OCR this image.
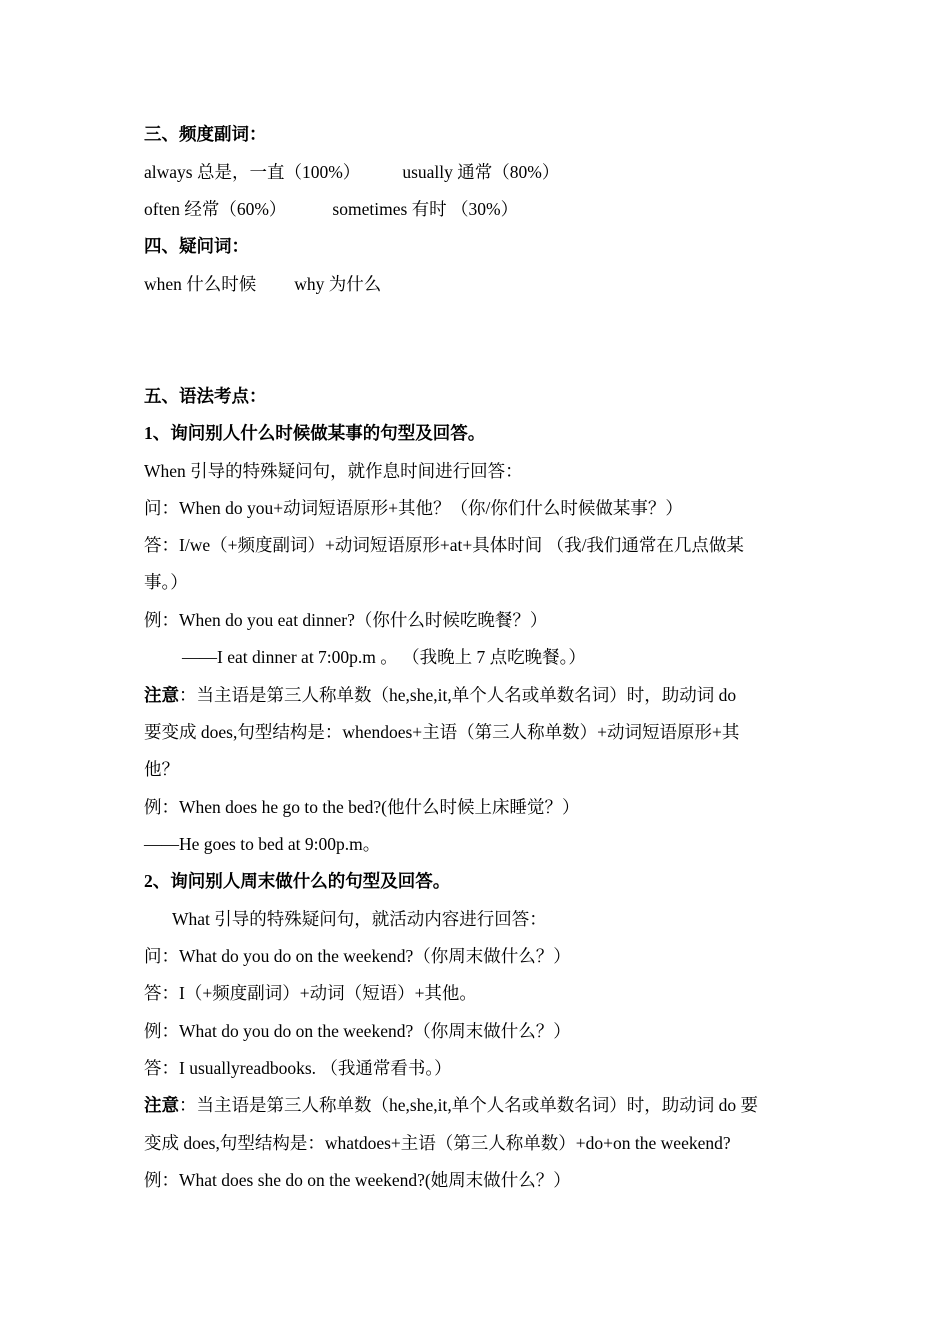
三、频度副词：
always 总是，一直（100%） usually 通常（80%）
often 经常（60%）	sometimes 有时 （30%）
四、疑问词：
when 什么时候 why 为什么
五、语法考点：
1、询问别人什么时候做某事的句型及回答。
When 引导的特殊疑问句，就作息时间进行回答：
问：When do you+动词短语原形+其他？（你/你们什么时候做某事？）
答：I/we（+频度副词）+动词短语原形+at+具体时间 （我/我们通常在几点做某
事。）
例：When do you eat dinner?（你什么时候吃晚餐？）
——I eat dinner at 7:00p.m 。 （我晚上 7 点吃晚餐。）
注意：当主语是第三人称单数（he,she,it,单个人名或单数名词）时，助动词 do
要变成 does,句型结构是：whendoes+主语（第三人称单数）+动词短语原形+其
他？
例：When does he go to the bed?(他什么时候上床睡觉？）
——He goes to bed at 9:00p.m。
2、询问别人周末做什么的句型及回答。
What 引导的特殊疑问句，就活动内容进行回答：
问：What do you do on the weekend?（你周末做什么？）
答：I（+频度副词）+动词（短语）+其他。
例：What do you do on the weekend?（你周末做什么？）
答：I usuallyreadbooks. （我通常看书。）
注意：当主语是第三人称单数（he,she,it,单个人名或单数名词）时，助动词 do 要
变成 does,句型结构是：whatdoes+主语（第三人称单数）+do+on the weekend?
例：What does she do on the weekend?(她周末做什么？）
